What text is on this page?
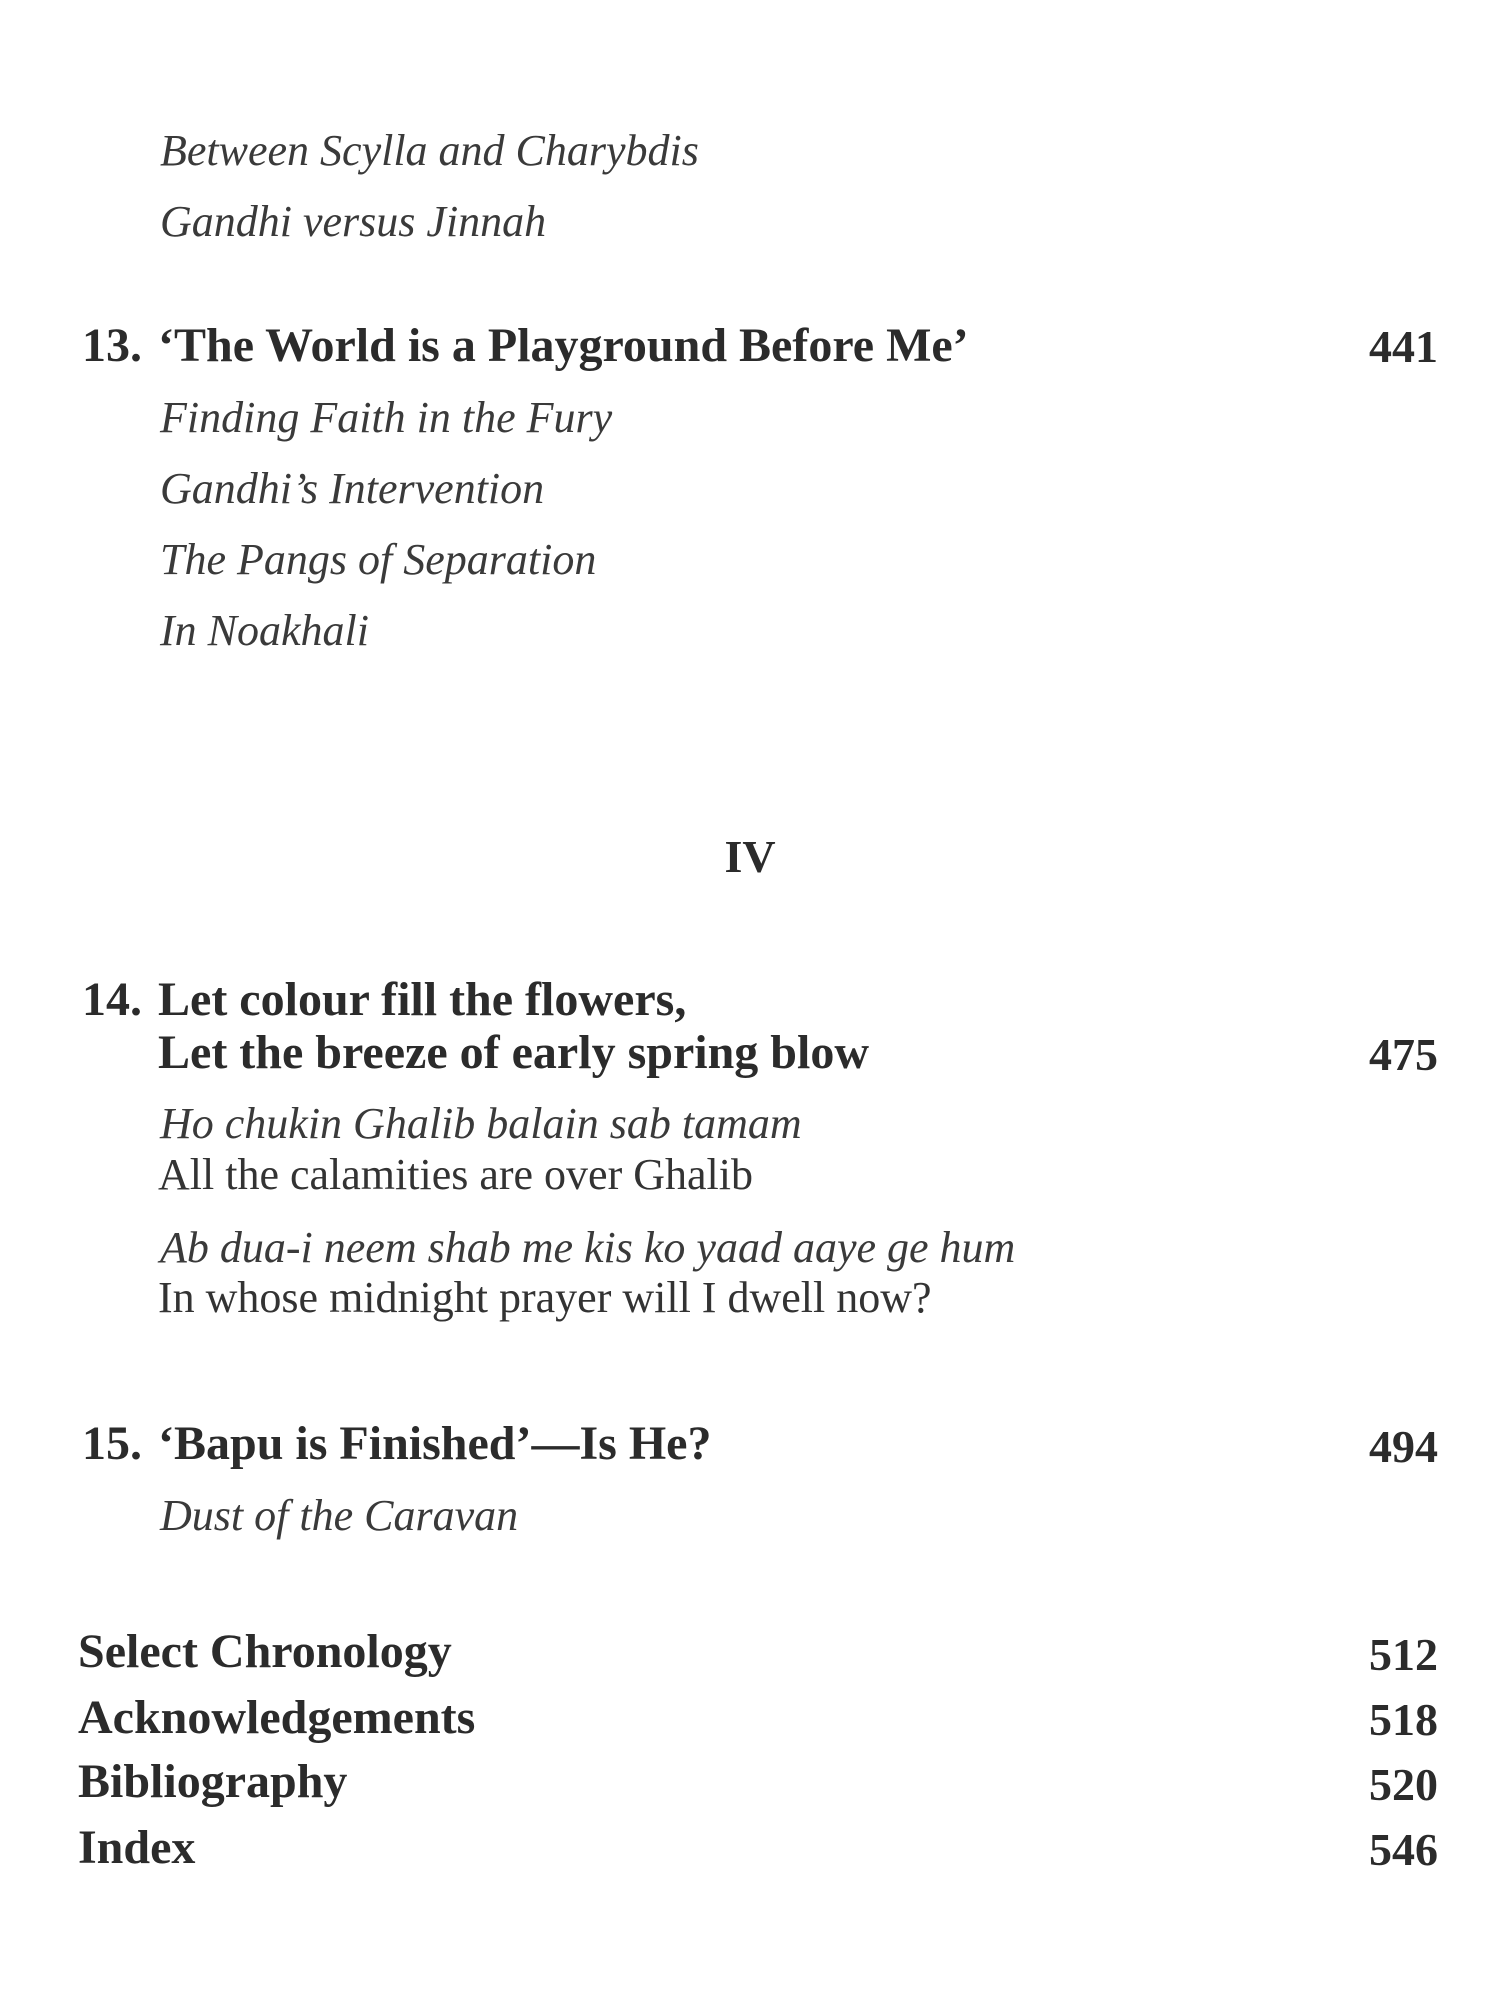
Between Scylla and Charybdis
Gandhi versus Jinnah
13. ‘The World is a Playground Before Me’	441
Finding Faith in the Fury
Gandhi’s Intervention
The Pangs of Separation
In Noakhali
IV
14. Let colour fill the flowers,
Let the breeze of early spring blow	475
Ho chukin Ghalib balain sab tamam
All the calamities are over Ghalib
Ab dua-i neem shab me kis ko yaad aaye ge hum
In whose midnight prayer will I dwell now?
15. ‘Bapu is Finished’—Is He?	494
Dust of the Caravan
Select Chronology	512
Acknowledgements	518
Bibliography	520
Index	546
